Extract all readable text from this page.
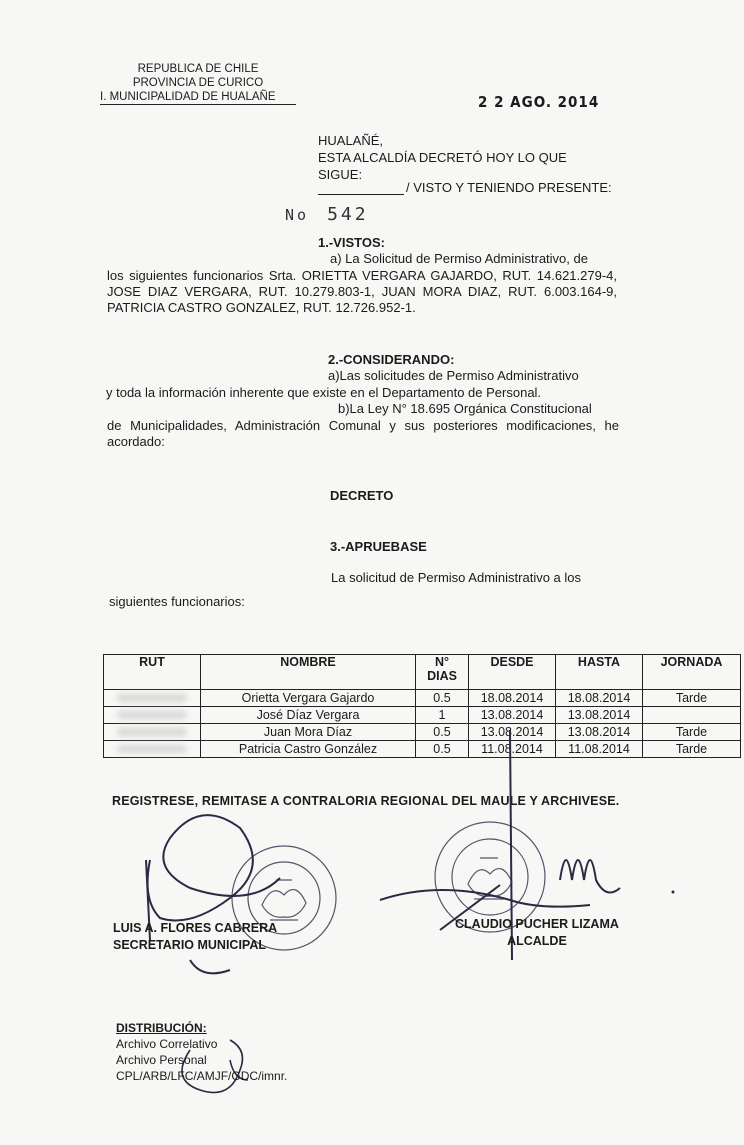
REPUBLICA DE CHILE
PROVINCIA DE CURICO
I. MUNICIPALIDAD DE HUALAÑE	2 2 AGO. 2014
HUALAÑÉ,
ESTA ALCALDÍA DECRETÓ HOY LO QUE
SIGUE:
/ VISTO Y TENIENDO PRESENTE:
No 542
1.-VISTOS:
a) La Solicitud de Permiso Administrativo, de
los siguientes funcionarios Srta. ORIETTA VERGARA GAJARDO, RUT. 14.621.279-4, JOSE DIAZ VERGARA, RUT. 10.279.803-1, JUAN MORA DIAZ, RUT. 6.003.164-9, PATRICIA CASTRO GONZALEZ, RUT. 12.726.952-1.
2.-CONSIDERANDO:
a)Las solicitudes de Permiso Administrativo
y toda la información inherente que existe en el Departamento de Personal.
b)La Ley N° 18.695 Orgánica Constitucional
de Municipalidades, Administración Comunal y sus posteriores modificaciones, he acordado:
DECRETO
3.-APRUEBASE
La solicitud de Permiso Administrativo a los
siguientes funcionarios:
RUT	NOMBRE	N° DIAS	DESDE	HASTA	JORNADA
	Orietta Vergara Gajardo	0.5	18.08.2014	18.08.2014	Tarde
	José Díaz Vergara	1	13.08.2014	13.08.2014	
	Juan Mora Díaz	0.5	13.08.2014	13.08.2014	Tarde
	Patricia Castro González	0.5	11.08.2014	11.08.2014	Tarde
REGISTRESE, REMITASE A CONTRALORIA REGIONAL DEL MAULE Y ARCHIVESE.
LUIS A. FLORES CABRERA
SECRETARIO MUNICIPAL
CLAUDIO PUCHER LIZAMA
ALCALDE
DISTRIBUCIÓN:
Archivo Correlativo
Archivo Personal
CPL/ARB/LFC/AMJF/GDC/imnr.
